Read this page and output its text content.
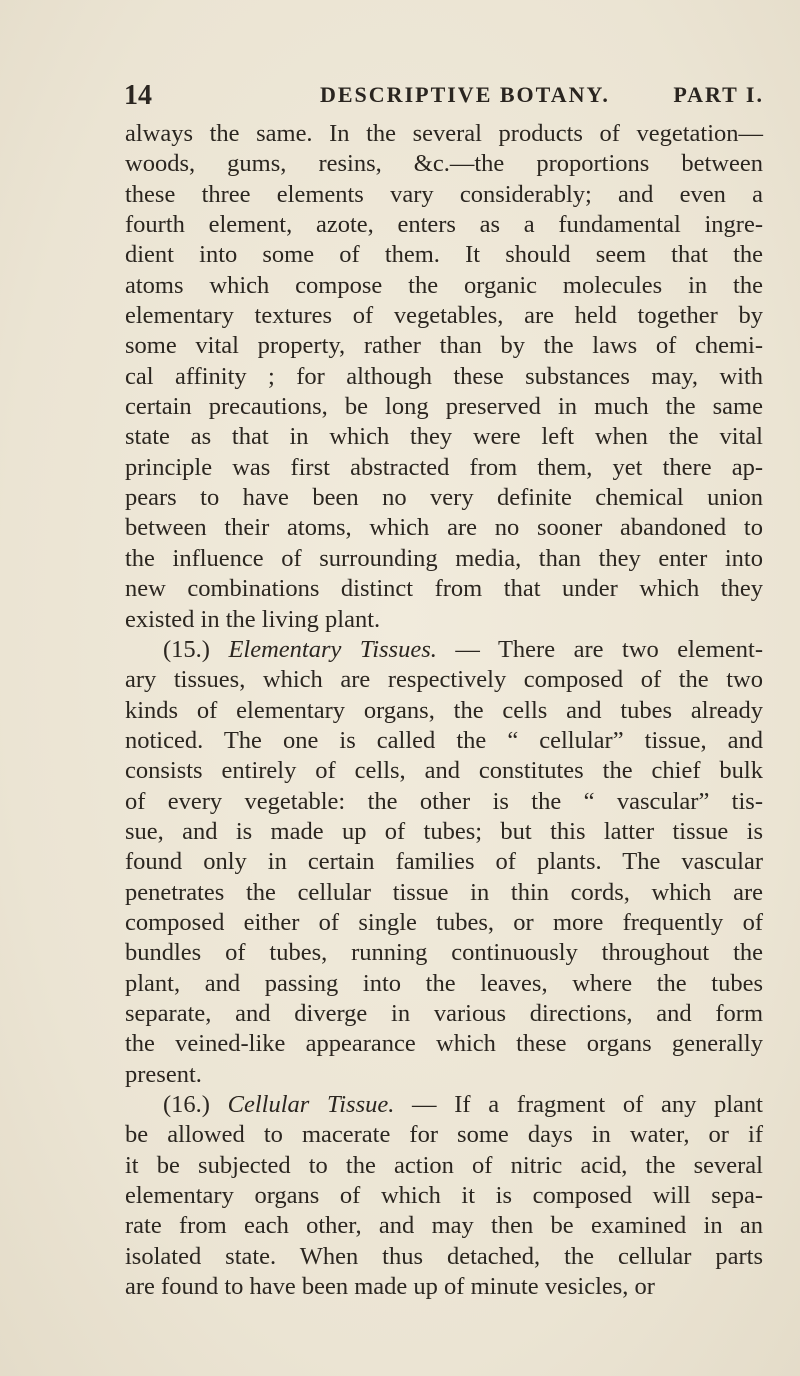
14	DESCRIPTIVE BOTANY.	PART I.
always the same. In the several products of vegetation—
woods, gums, resins, &c.—the proportions between
these three elements vary considerably; and even a
fourth element, azote, enters as a fundamental ingre-
dient into some of them. It should seem that the
atoms which compose the organic molecules in the
elementary textures of vegetables, are held together by
some vital property, rather than by the laws of chemi-
cal affinity ; for although these substances may, with
certain precautions, be long preserved in much the same
state as that in which they were left when the vital
principle was first abstracted from them, yet there ap-
pears to have been no very definite chemical union
between their atoms, which are no sooner abandoned to
the influence of surrounding media, than they enter into
new combinations distinct from that under which they
existed in the living plant.
(15.) Elementary Tissues. — There are two element-
ary tissues, which are respectively composed of the two
kinds of elementary organs, the cells and tubes already
noticed. The one is called the “ cellular” tissue, and
consists entirely of cells, and constitutes the chief bulk
of every vegetable: the other is the “ vascular” tis-
sue, and is made up of tubes; but this latter tissue is
found only in certain families of plants. The vascular
penetrates the cellular tissue in thin cords, which are
composed either of single tubes, or more frequently of
bundles of tubes, running continuously throughout the
plant, and passing into the leaves, where the tubes
separate, and diverge in various directions, and form
the veined-like appearance which these organs generally
present.
(16.) Cellular Tissue. — If a fragment of any plant
be allowed to macerate for some days in water, or if
it be subjected to the action of nitric acid, the several
elementary organs of which it is composed will sepa-
rate from each other, and may then be examined in an
isolated state. When thus detached, the cellular parts
are found to have been made up of minute vesicles, or
